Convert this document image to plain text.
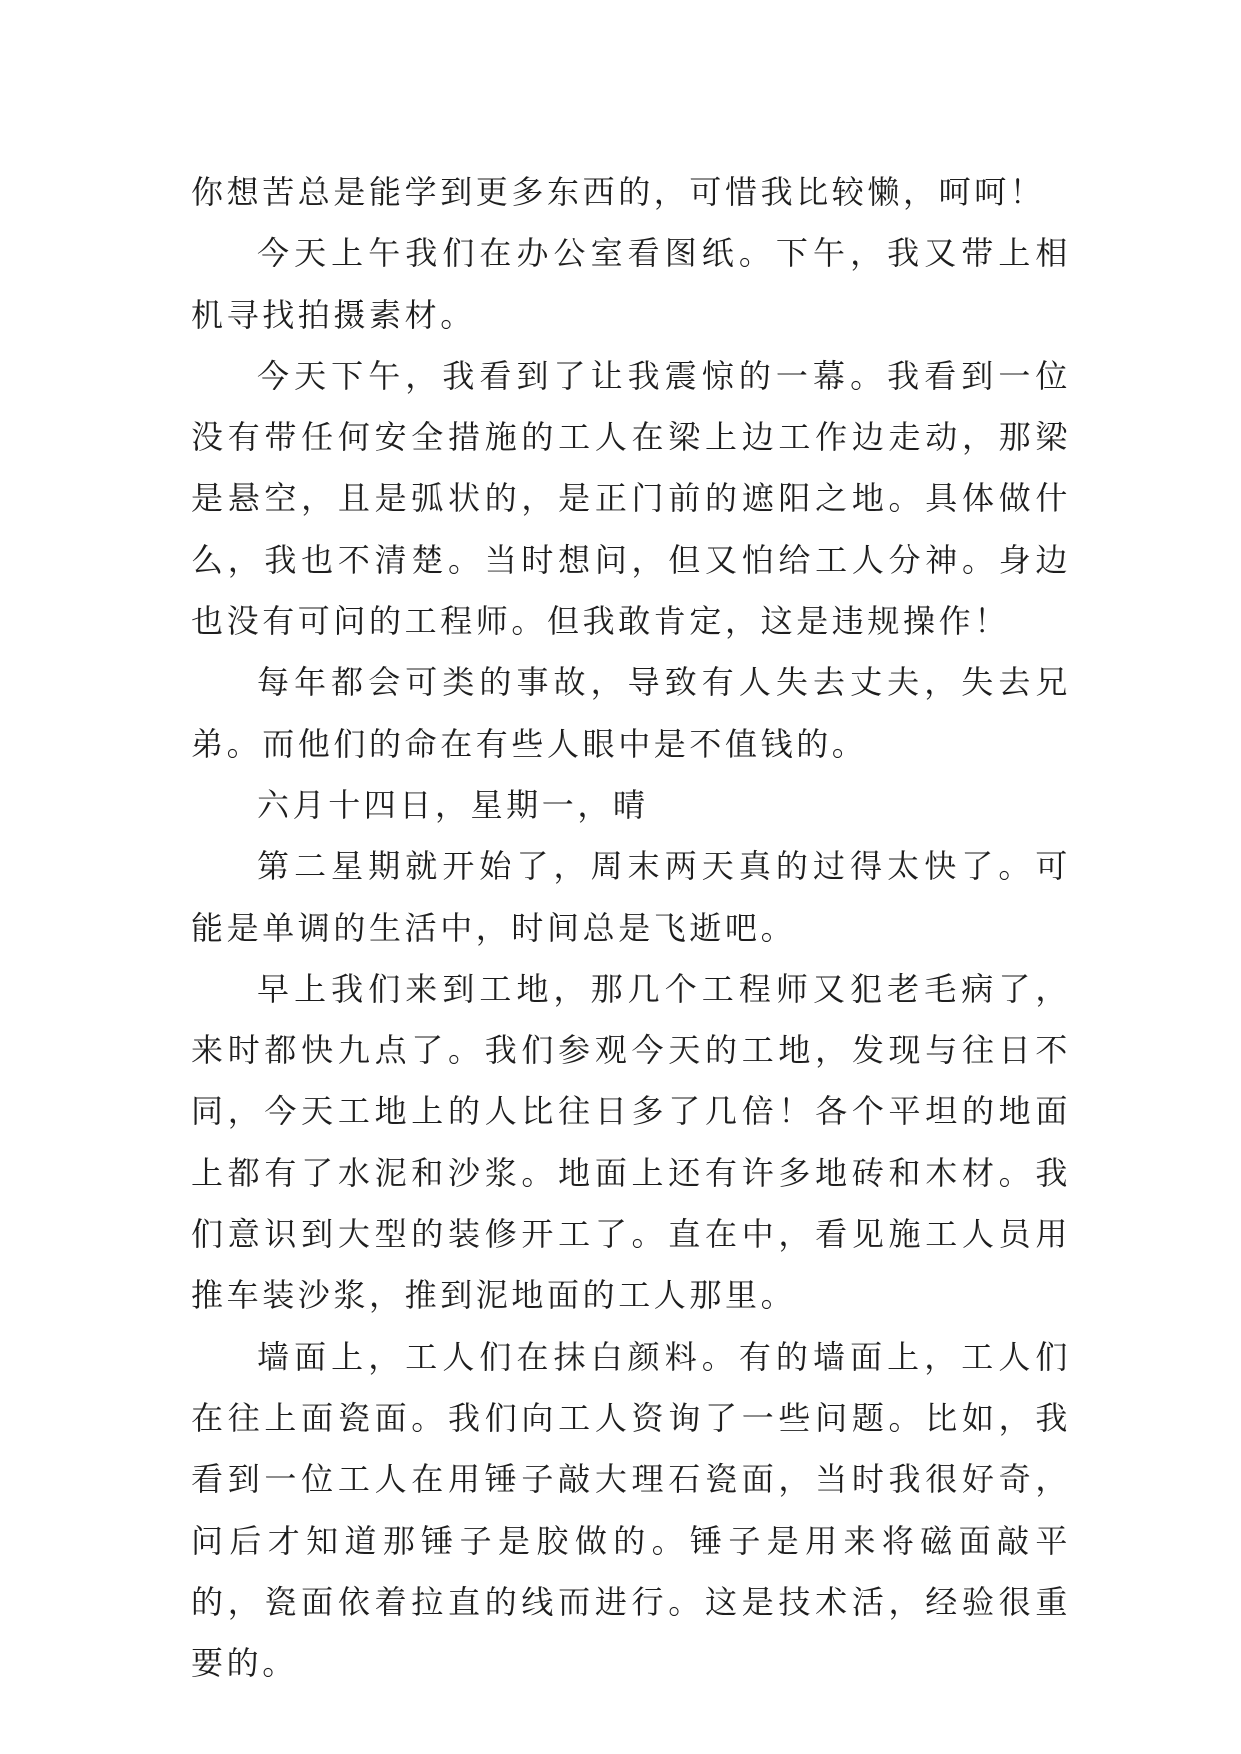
你想苦总是能学到更多东西的，可惜我比较懒，呵呵！

今天上午我们在办公室看图纸。下午，我又带上相机寻找拍摄素材。

今天下午，我看到了让我震惊的一幕。我看到一位没有带任何安全措施的工人在梁上边工作边走动，那梁是悬空，且是弧状的，是正门前的遮阳之地。具体做什么，我也不清楚。当时想问，但又怕给工人分神。身边也没有可问的工程师。但我敢肯定，这是违规操作！

每年都会可类的事故，导致有人失去丈夫，失去兄弟。而他们的命在有些人眼中是不值钱的。

六月十四日，星期一，晴

第二星期就开始了，周末两天真的过得太快了。可能是单调的生活中，时间总是飞逝吧。

早上我们来到工地，那几个工程师又犯老毛病了，来时都快九点了。我们参观今天的工地，发现与往日不同，今天工地上的人比往日多了几倍！各个平坦的地面上都有了水泥和沙浆。地面上还有许多地砖和木材。我们意识到大型的装修开工了。直在中，看见施工人员用推车装沙浆，推到泥地面的工人那里。

墙面上，工人们在抹白颜料。有的墙面上，工人们在往上面瓷面。我们向工人资询了一些问题。比如，我看到一位工人在用锤子敲大理石瓷面，当时我很好奇，问后才知道那锤子是胶做的。锤子是用来将磁面敲平的，瓷面依着拉直的线而进行。这是技术活，经验很重要的。
